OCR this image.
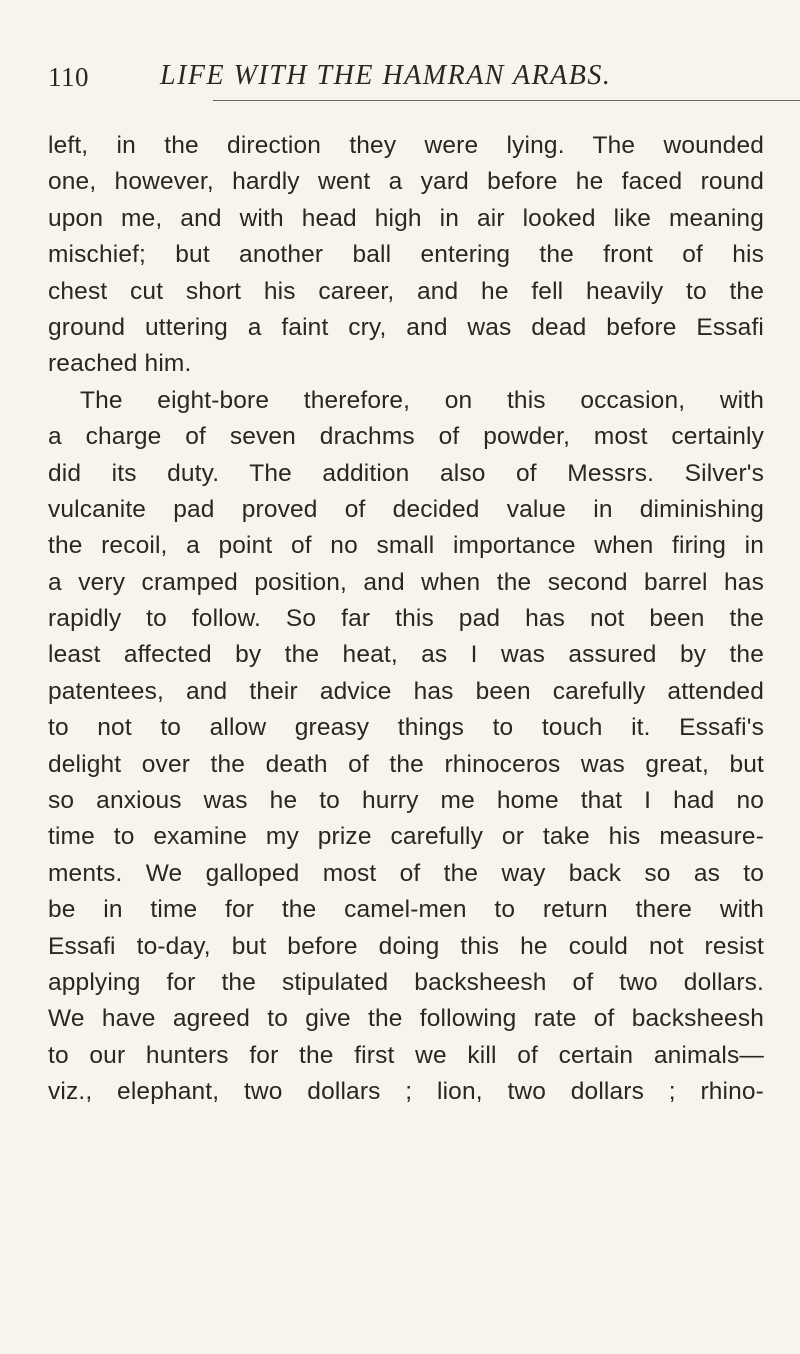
110	LIFE WITH THE HAMRAN ARABS.
left, in the direction they were lying. The wounded
one, however, hardly went a yard before he faced round
upon me, and with head high in air looked like meaning
mischief; but another ball entering the front of his
chest cut short his career, and he fell heavily to the
ground uttering a faint cry, and was dead before Essafi
reached him.
The eight-bore therefore, on this occasion, with
a charge of seven drachms of powder, most certainly
did its duty. The addition also of Messrs. Silver's
vulcanite pad proved of decided value in diminishing
the recoil, a point of no small importance when firing in
a very cramped position, and when the second barrel has
rapidly to follow. So far this pad has not been the
least affected by the heat, as I was assured by the
patentees, and their advice has been carefully attended
to not to allow greasy things to touch it. Essafi's
delight over the death of the rhinoceros was great, but
so anxious was he to hurry me home that I had no
time to examine my prize carefully or take his measure-
ments. We galloped most of the way back so as to
be in time for the camel-men to return there with
Essafi to-day, but before doing this he could not resist
applying for the stipulated backsheesh of two dollars.
We have agreed to give the following rate of backsheesh
to our hunters for the first we kill of certain animals—
viz., elephant, two dollars ; lion, two dollars ; rhino-
